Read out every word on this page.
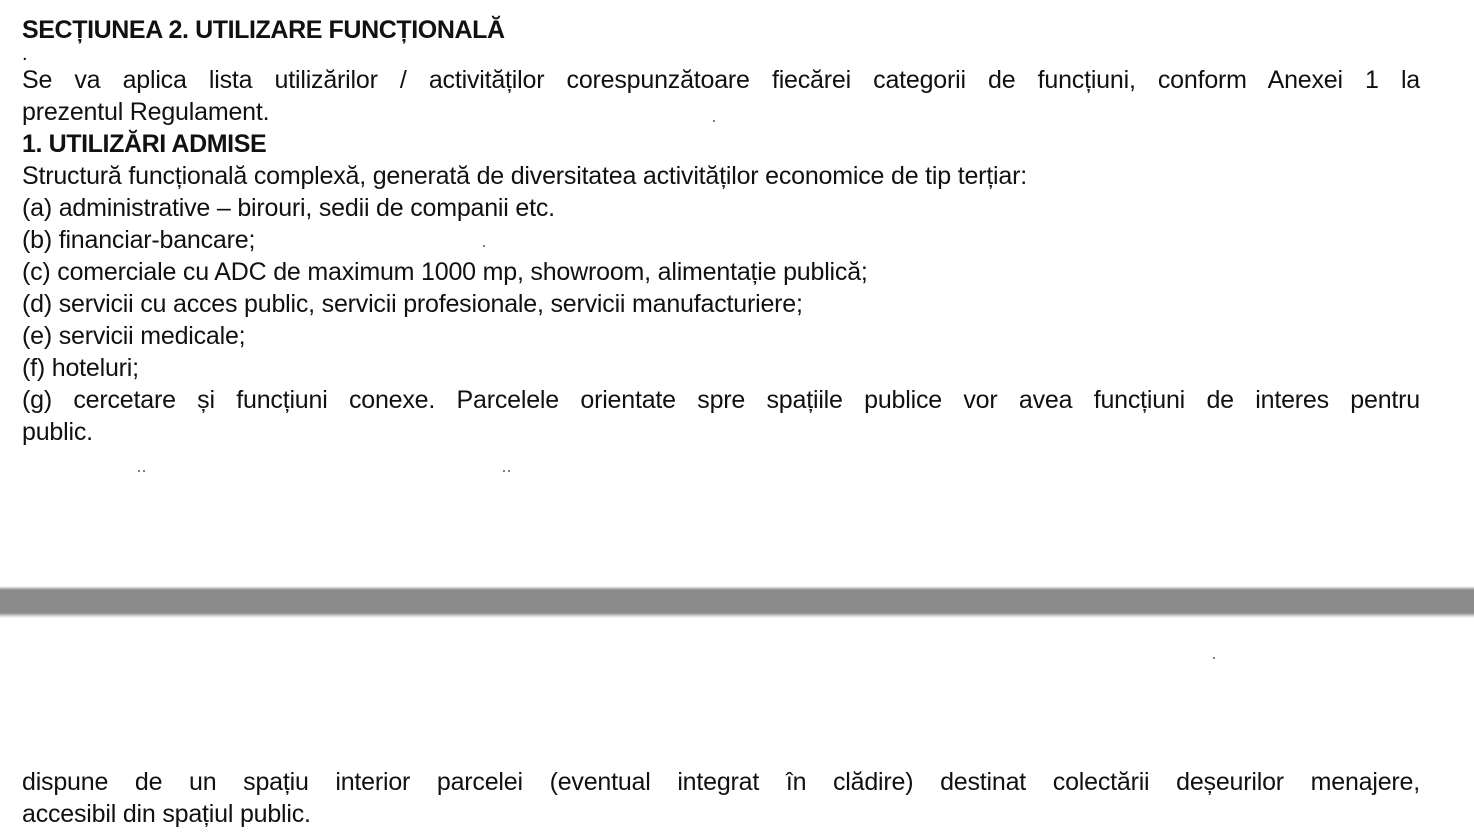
SECȚIUNEA 2. UTILIZARE FUNCȚIONALĂ
.
Se va aplica lista utilizărilor / activităților corespunzătoare fiecărei categorii de funcțiuni, conform Anexei 1 la
prezentul Regulament.
1. UTILIZĂRI ADMISE
Structură funcțională complexă, generată de diversitatea activităților economice de tip terțiar:
(a) administrative – birouri, sedii de companii etc.
(b) financiar-bancare;
(c) comerciale cu ADC de maximum 1000 mp, showroom, alimentație publică;
(d) servicii cu acces public, servicii profesionale, servicii manufacturiere;
(e) servicii medicale;
(f) hoteluri;
(g) cercetare și funcțiuni conexe. Parcelele orientate spre spațiile publice vor avea funcțiuni de interes pentru
public.
dispune de un spațiu interior parcelei (eventual integrat în clădire) destinat colectării deșeurilor menajere,
accesibil din spațiul public.
